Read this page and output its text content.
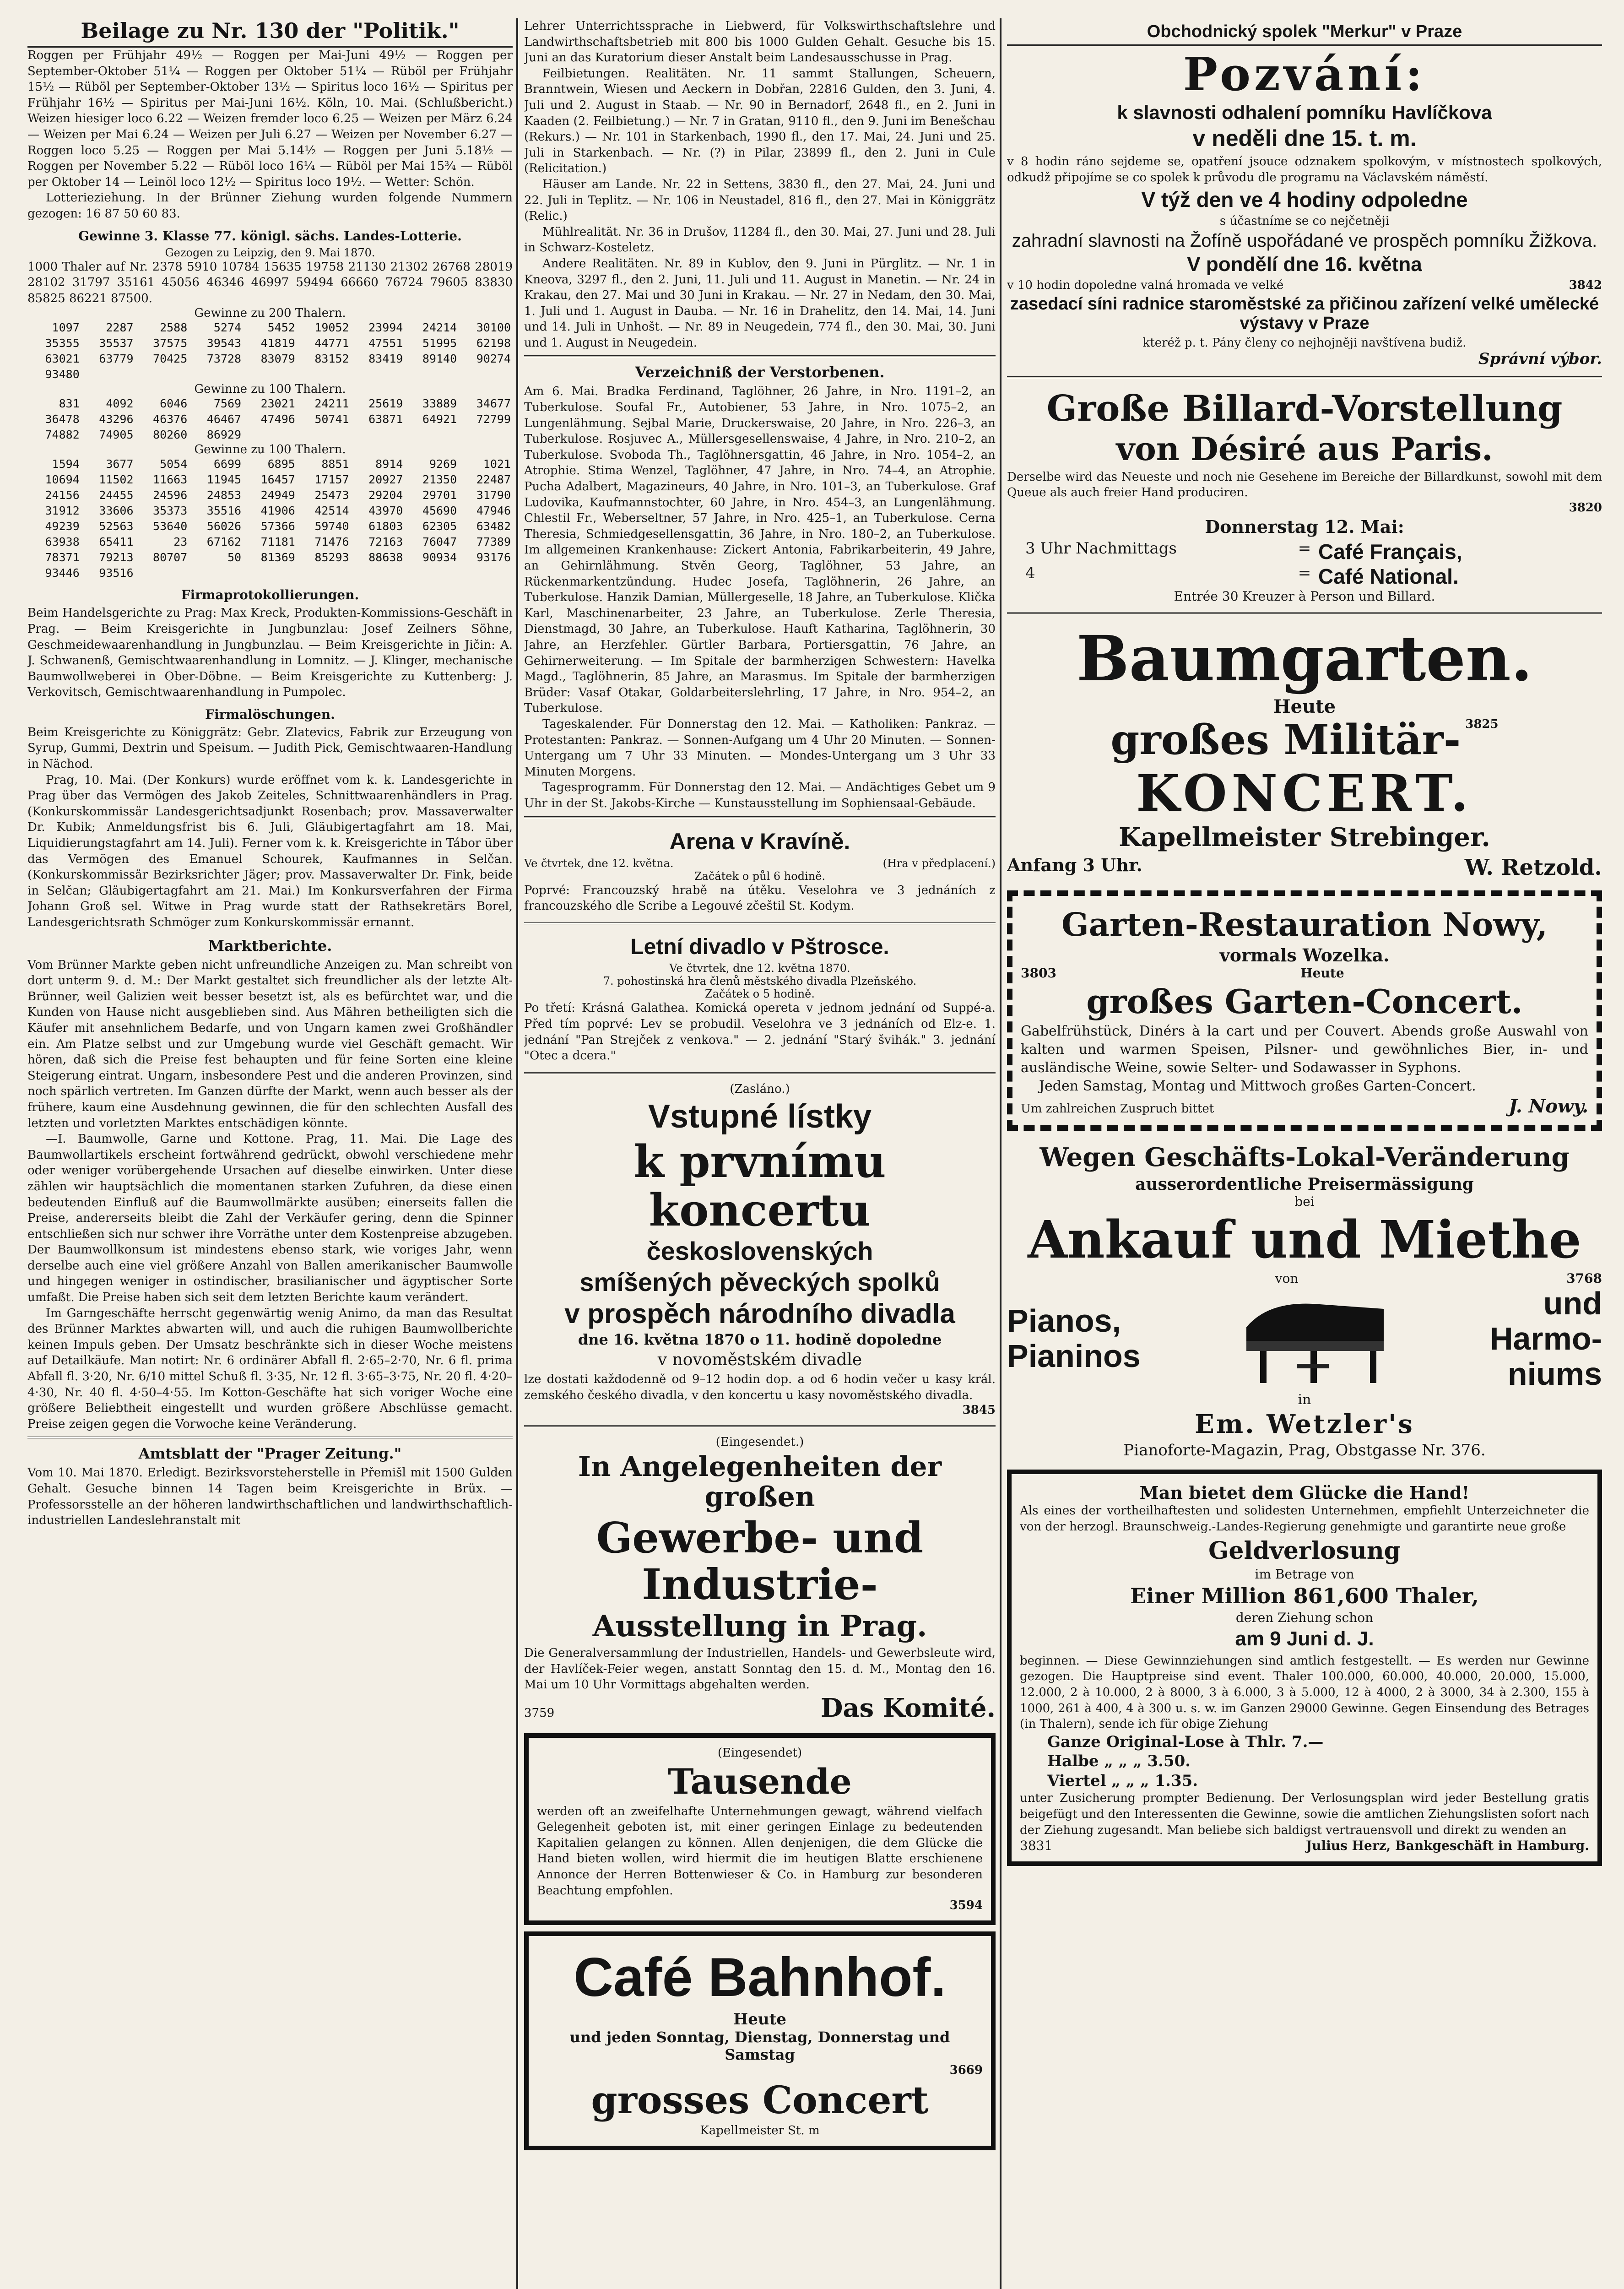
Beilage zu Nr. 130 der "Politik."

Roggen per Frühjahr 49½ — Roggen per Mai-Juni 49½ — Roggen per September-Oktober 51¼ — Roggen per Oktober 51¼ — Rüböl per Frühjahr 15½ — Rüböl per September-Oktober 13½ — Spiritus loco 16½ — Spiritus per Frühjahr 16½ — Spiritus per Mai-Juni 16½. Köln, 10. Mai. (Schlußbericht.) Weizen hiesiger loco 6.22 — Weizen fremder loco 6.25 — Weizen per März 6.24 — Weizen per Mai 6.24 — Weizen per Juli 6.27 — Weizen per November 6.27 — Roggen loco 5.25 — Roggen per Mai 5.14½ — Roggen per Juni 5.18½ — Roggen per November 5.22 — Rüböl loco 16¼ — Rüböl per Mai 15¾ — Rüböl per Oktober 14 — Leinöl loco 12½ — Spiritus loco 19½. — Wetter: Schön.

Lotterieziehung. In der Brünner Ziehung wurden folgende Nummern gezogen: 16 87 50 60 83.

Gewinne 3. Klasse 77. königl. sächs. Landes-Lotterie.
Gezogen zu Leipzig, den 9. Mai 1870.

1000 Thaler auf Nr. 2378 5910 10784 15635 19758 21130 21302 26768 28019 28102 31797 35161 45056 46346 46997 59494 66660 76724 79605 83830 85825 86221 87500.

Gewinne zu 200 Thalern.
1097	2287	2588	5274	5452	19052	23994	24214	30100
35355	35537	37575	39543	41819	44771	47551	51995	62198
63021	63779	70425	73728	83079	83152	83419	89140	90274
93480								
Gewinne zu 100 Thalern.
831	4092	6046	7569	23021	24211	25619	33889	34677
36478	43296	46376	46467	47496	50741	63871	64921	72799
74882	74905	80260	86929					
Gewinne zu 100 Thalern.
1594	3677	5054	6699	6895	8851	8914	9269	1021
10694	11502	11663	11945	16457	17157	20927	21350	22487
24156	24455	24596	24853	24949	25473	29204	29701	31790
31912	33606	35373	35516	41906	42514	43970	45690	47946
49239	52563	53640	56026	57366	59740	61803	62305	63482
63938	65411	23	67162	71181	71476	72163	76047	77389
78371	79213	80707	50	81369	85293	88638	90934	93176
93446	93516							
Firmaprotokollierungen.

Beim Handelsgerichte zu Prag: Max Kreck, Produkten-Kommissions-Geschäft in Prag. — Beim Kreisgerichte in Jungbunzlau: Josef Zeilners Söhne, Geschmeidewaarenhandlung in Jungbunzlau. — Beim Kreisgerichte in Jičin: A. J. Schwanenß, Gemischtwaarenhandlung in Lomnitz. — J. Klinger, mechanische Baumwollweberei in Ober-Döbne. — Beim Kreisgerichte zu Kuttenberg: J. Verkovitsch, Gemischtwaarenhandlung in Pumpolec.

Firmalöschungen.

Beim Kreisgerichte zu Königgrätz: Gebr. Zlatevics, Fabrik zur Erzeugung von Syrup, Gummi, Dextrin und Speisum. — Judith Pick, Gemischtwaaren-Handlung in Nächod.

Prag, 10. Mai. (Der Konkurs) wurde eröffnet vom k. k. Landesgerichte in Prag über das Vermögen des Jakob Zeiteles, Schnittwaarenhändlers in Prag. (Konkurskommissär Landesgerichtsadjunkt Rosenbach; prov. Massaverwalter Dr. Kubik; Anmeldungsfrist bis 6. Juli, Gläubigertagfahrt am 18. Mai, Liquidierungstagfahrt am 14. Juli). Ferner vom k. k. Kreisgerichte in Tábor über das Vermögen des Emanuel Schourek, Kaufmannes in Selčan. (Konkurskommissär Bezirksrichter Jäger; prov. Massaverwalter Dr. Fink, beide in Selčan; Gläubigertagfahrt am 21. Mai.) Im Konkursverfahren der Firma Johann Groß sel. Witwe in Prag wurde statt der Rathsekretärs Borel, Landesgerichtsrath Schmöger zum Konkurskommissär ernannt.

Marktberichte.

Vom Brünner Markte geben nicht unfreundliche Anzeigen zu. Man schreibt von dort unterm 9. d. M.: Der Markt gestaltet sich freundlicher als der letzte Alt-Brünner, weil Galizien weit besser besetzt ist, als es befürchtet war, und die Kunden von Hause nicht ausgeblieben sind. Aus Mähren betheiligten sich die Käufer mit ansehnlichem Bedarfe, und von Ungarn kamen zwei Großhändler ein. Am Platze selbst und zur Umgebung wurde viel Geschäft gemacht. Wir hören, daß sich die Preise fest behaupten und für feine Sorten eine kleine Steigerung eintrat. Ungarn, insbesondere Pest und die anderen Provinzen, sind noch spärlich vertreten. Im Ganzen dürfte der Markt, wenn auch besser als der frühere, kaum eine Ausdehnung gewinnen, die für den schlechten Ausfall des letzten und vorletzten Marktes entschädigen könnte.

—I. Baumwolle, Garne und Kottone. Prag, 11. Mai. Die Lage des Baumwollartikels erscheint fortwährend gedrückt, obwohl verschiedene mehr oder weniger vorübergehende Ursachen auf dieselbe einwirken. Unter diese zählen wir hauptsächlich die momentanen starken Zufuhren, da diese einen bedeutenden Einfluß auf die Baumwollmärkte ausüben; einerseits fallen die Preise, andererseits bleibt die Zahl der Verkäufer gering, denn die Spinner entschließen sich nur schwer ihre Vorräthe unter dem Kostenpreise abzugeben. Der Baumwollkonsum ist mindestens ebenso stark, wie voriges Jahr, wenn derselbe auch eine viel größere Anzahl von Ballen amerikanischer Baumwolle und hingegen weniger in ostindischer, brasilianischer und ägyptischer Sorte umfaßt. Die Preise haben sich seit dem letzten Berichte kaum verändert.

Im Garngeschäfte herrscht gegenwärtig wenig Animo, da man das Resultat des Brünner Marktes abwarten will, und auch die ruhigen Baumwollberichte keinen Impuls geben. Der Umsatz beschränkte sich in dieser Woche meistens auf Detailkäufe. Man notirt: Nr. 6 ordinärer Abfall fl. 2·65–2·70, Nr. 6 fl. prima Abfall fl. 3·20, Nr. 6/10 mittel Schuß fl. 3·35, Nr. 12 fl. 3·65–3·75, Nr. 20 fl. 4·20–4·30, Nr. 40 fl. 4·50–4·55. Im Kotton-Geschäfte hat sich voriger Woche eine größere Beliebtheit eingestellt und wurden größere Abschlüsse gemacht. Preise zeigen gegen die Vorwoche keine Veränderung.

Amtsblatt der "Prager Zeitung."

Vom 10. Mai 1870. Erledigt. Bezirksvorsteherstelle in Přemišl mit 1500 Gulden Gehalt. Gesuche binnen 14 Tagen beim Kreisgerichte in Brüx. — Professorsstelle an der höheren landwirthschaftlichen und landwirthschaftlich-industriellen Landeslehranstalt mit

Lehrer Unterrichtssprache in Liebwerd, für Volkswirthschaftslehre und Landwirthschaftsbetrieb mit 800 bis 1000 Gulden Gehalt. Gesuche bis 15. Juni an das Kuratorium dieser Anstalt beim Landesausschusse in Prag.

Feilbietungen. Realitäten. Nr. 11 sammt Stallungen, Scheuern, Branntwein, Wiesen und Aeckern in Dobřan, 22816 Gulden, den 3. Juni, 4. Juli und 2. August in Staab. — Nr. 90 in Bernadorf, 2648 fl., en 2. Juni in Kaaden (2. Feilbietung.) — Nr. 7 in Gratan, 9110 fl., den 9. Juni im Benešchau (Rekurs.) — Nr. 101 in Starkenbach, 1990 fl., den 17. Mai, 24. Juni und 25. Juli in Starkenbach. — Nr. (?) in Pilar, 23899 fl., den 2. Juni in Cule (Relicitation.)

Häuser am Lande. Nr. 22 in Settens, 3830 fl., den 27. Mai, 24. Juni und 22. Juli in Teplitz. — Nr. 106 in Neustadel, 816 fl., den 27. Mai in Königgrätz (Relic.)

Mühlrealität. Nr. 36 in Drušov, 11284 fl., den 30. Mai, 27. Juni und 28. Juli in Schwarz-Kosteletz.

Andere Realitäten. Nr. 89 in Kublov, den 9. Juni in Pürglitz. — Nr. 1 in Kneova, 3297 fl., den 2. Juni, 11. Juli und 11. August in Manetin. — Nr. 24 in Krakau, den 27. Mai und 30 Juni in Krakau. — Nr. 27 in Nedam, den 30. Mai, 1. Juli und 1. August in Dauba. — Nr. 16 in Drahelitz, den 14. Mai, 14. Juni und 14. Juli in Unhošt. — Nr. 89 in Neugedein, 774 fl., den 30. Mai, 30. Juni und 1. August in Neugedein.

Verzeichniß der Verstorbenen.

Am 6. Mai. Bradka Ferdinand, Taglöhner, 26 Jahre, in Nro. 1191–2, an Tuberkulose. Soufal Fr., Autobiener, 53 Jahre, in Nro. 1075–2, an Lungenlähmung. Sejbal Marie, Druckerswaise, 20 Jahre, in Nro. 226–3, an Tuberkulose. Rosjuvec A., Müllersgesellenswaise, 4 Jahre, in Nro. 210–2, an Tuberkulose. Svoboda Th., Taglöhnersgattin, 46 Jahre, in Nro. 1054–2, an Atrophie. Stima Wenzel, Taglöhner, 47 Jahre, in Nro. 74–4, an Atrophie. Pucha Adalbert, Magazineurs, 40 Jahre, in Nro. 101–3, an Tuberkulose. Graf Ludovika, Kaufmannstochter, 60 Jahre, in Nro. 454–3, an Lungenlähmung. Chlestil Fr., Weberseltner, 57 Jahre, in Nro. 425–1, an Tuberkulose. Cerna Theresia, Schmiedgesellensgattin, 36 Jahre, in Nro. 180–2, an Tuberkulose. Im allgemeinen Krankenhause: Zickert Antonia, Fabrikarbeiterin, 49 Jahre, an Gehirnlähmung. Stvěn Georg, Taglöhner, 53 Jahre, an Rückenmarkentzündung. Hudec Josefa, Taglöhnerin, 26 Jahre, an Tuberkulose. Hanzik Damian, Müllergeselle, 18 Jahre, an Tuberkulose. Klička Karl, Maschinenarbeiter, 23 Jahre, an Tuberkulose. Zerle Theresia, Dienstmagd, 30 Jahre, an Tuberkulose. Hauft Katharina, Taglöhnerin, 30 Jahre, an Herzfehler. Gürtler Barbara, Portiersgattin, 76 Jahre, an Gehirnerweiterung. — Im Spitale der barmherzigen Schwestern: Havelka Magd., Taglöhnerin, 85 Jahre, an Marasmus. Im Spitale der barmherzigen Brüder: Vasaf Otakar, Goldarbeiterslehrling, 17 Jahre, in Nro. 954–2, an Tuberkulose.

Tageskalender. Für Donnerstag den 12. Mai. — Katholiken: Pankraz. — Protestanten: Pankraz. — Sonnen-Aufgang um 4 Uhr 20 Minuten. — Sonnen-Untergang um 7 Uhr 33 Minuten. — Mondes-Untergang um 3 Uhr 33 Minuten Morgens.

Tagesprogramm. Für Donnerstag den 12. Mai. — Andächtiges Gebet um 9 Uhr in der St. Jakobs-Kirche — Kunstausstellung im Sophiensaal-Gebäude.

Arena v Kravíně.
Ve čtvrtek, dne 12. května.	(Hra v předplacení.)
Začátek o půl 6 hodině.

Poprvé: Francouzský hrabě na útěku. Veselohra ve 3 jednáních z francouzského dle Scribe a Legouvé zčeštil St. Kodym.

Letní divadlo v Pštrosce.
Ve čtvrtek, dne 12. května 1870.
7. pohostinská hra členů městského divadla Plzeňského.
Začátek o 5 hodině.

Po třetí: Krásná Galathea. Komická opereta v jednom jednání od Suppé-a. Před tím poprvé: Lev se probudil. Veselohra ve 3 jednáních od Elz-e. 1. jednání "Pan Strejček z venkova." — 2. jednání "Starý švihák." 3. jednání "Otec a dcera."

(Zasláno.)
Vstupné lístky
k prvnímu koncertu
československých
smíšených pěveckých spolků
v prospěch národního divadla
dne 16. května 1870 o 11. hodině dopoledne
v novoměstském divadle

lze dostati každodenně od 9–12 hodin dop. a od 6 hodin večer u kasy král. zemského českého divadla, v den koncertu u kasy novoměstského divadla.

3845
(Eingesendet.)
In Angelegenheiten der großen
Gewerbe- und Industrie-
Ausstellung in Prag.

Die Generalversammlung der Industriellen, Handels- und Gewerbsleute wird, der Havlíček-Feier wegen, anstatt Sonntag den 15. d. M., Montag den 16. Mai um 10 Uhr Vormittags abgehalten werden.

3759	Das Komité.
(Eingesendet)
Tausende

werden oft an zweifelhafte Unternehmungen gewagt, während vielfach Gelegenheit geboten ist, mit einer geringen Einlage zu bedeutenden Kapitalien gelangen zu können. Allen denjenigen, die dem Glücke die Hand bieten wollen, wird hiermit die im heutigen Blatte erschienene Annonce der Herren Bottenwieser & Co. in Hamburg zur besonderen Beachtung empfohlen.

3594
Café Bahnhof.
Heute
und jeden Sonntag, Dienstag, Donnerstag und Samstag
3669
grosses Concert
Kapellmeister St. m
Obchodnický spolek "Merkur" v Praze
Pozvání:
k slavnosti odhalení pomníku Havlíčkova
v neděli dne 15. t. m.

v 8 hodin ráno sejdeme se, opatření jsouce odznakem spolkovým, v místnostech spolkových, odkudž připojíme se co spolek k průvodu dle programu na Václavském náměstí.

V týž den ve 4 hodiny odpoledne
s účastníme se co nejčetněji
zahradní slavnosti na Žofíně uspořádané ve prospěch pomníku Žižkova.
V pondělí dne 16. května
v 10 hodin dopoledne valná hromada ve velké	3842
zasedací síni radnice staroměstské za přičinou zařízení velké umělecké výstavy v Praze
kteréž p. t. Pány členy co nejhojněji navštívena budiž.
Správní výbor.
Große Billard-Vorstellung
von Désiré aus Paris.

Derselbe wird das Neueste und noch nie Gesehene im Bereiche der Billardkunst, sowohl mit dem Queue als auch freier Hand produciren.

3820
Donnerstag 12. Mai:
3 Uhr Nachmittags	= Café Français,
4	= Café National.
Entrée 30 Kreuzer à Person und Billard.
Baumgarten.
Heute
großes Militär- 3825
KONCERT.
Kapellmeister Strebinger.
Anfang 3 Uhr.	W. Retzold.
Garten-Restauration Nowy,
vormals Wozelka.
3803	Heute
großes Garten-Concert.

Gabelfrühstück, Dinérs à la cart und per Couvert. Abends große Auswahl von kalten und warmen Speisen, Pilsner- und gewöhnliches Bier, in- und ausländische Weine, sowie Selter- und Sodawasser in Syphons.

Jeden Samstag, Montag und Mittwoch großes Garten-Concert.

Um zahlreichen Zuspruch bittet	J. Nowy.
Wegen Geschäfts-Lokal-Veränderung
ausserordentliche Preisermässigung
bei
Ankauf und Miethe
von	3768
Pianos,
Pianinos
und
Harmo-
niums
in
Em. Wetzler's
Pianoforte-Magazin, Prag, Obstgasse Nr. 376.
Man bietet dem Glücke die Hand!

Als eines der vortheilhaftesten und solidesten Unternehmen, empfiehlt Unterzeichneter die von der herzogl. Braunschweig.-Landes-Regierung genehmigte und garantirte neue große

Geldverlosung
im Betrage von
Einer Million 861,600 Thaler,
deren Ziehung schon
am 9 Juni d. J.

beginnen. — Diese Gewinnziehungen sind amtlich festgestellt. — Es werden nur Gewinne gezogen. Die Hauptpreise sind event. Thaler 100.000, 60.000, 40.000, 20.000, 15.000, 12.000, 2 à 10.000, 2 à 8000, 3 à 6.000, 3 à 5.000, 12 à 4000, 2 à 3000, 34 à 2.300, 155 à 1000, 261 à 400, 4 à 300 u. s. w. im Ganzen 29000 Gewinne. Gegen Einsendung des Betrages (in Thalern), sende ich für obige Ziehung

Ganze Original-Lose à Thlr. 7.—
Halbe „ „ „ 3.50.
Viertel „ „ „ 1.35.

unter Zusicherung prompter Bedienung. Der Verlosungsplan wird jeder Bestellung gratis beigefügt und den Interessenten die Gewinne, sowie die amtlichen Ziehungslisten sofort nach der Ziehung zugesandt. Man beliebe sich baldigst vertrauensvoll und direkt zu wenden an

3831	Julius Herz, Bankgeschäft in Hamburg.
